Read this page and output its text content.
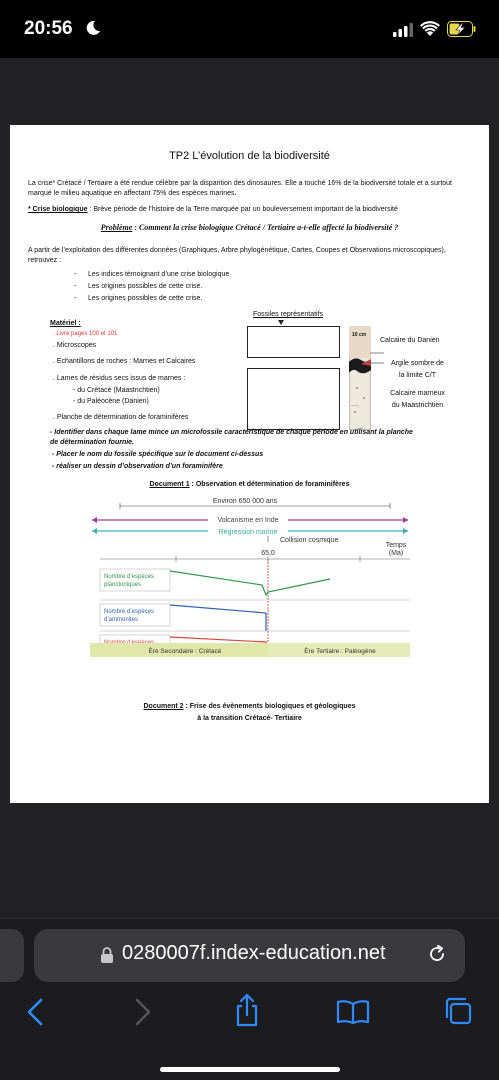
20:56
TP2 L’évolution de la biodiversité
La crise* Crétacé / Tertiaire a été rendue célèbre par la disparition des dinosaures. Elle a touché 16% de la biodiversité totale et a surtout marqué le milieu aquatique en affectant 75% des espèces marines.
* Crise biologique : Brève période de l’histoire de la Terre marquée par un bouleversement important de la biodiversité
Problème : Comment la crise biologique Crétacé / Tertiaire a-t-elle affecté la biodiversité ?
A partir de l’exploitation des différentes données (Graphiques, Arbre phylogénétique, Cartes, Coupes et Observations microscopiques), retrouvez :
- Les indices témoignant d’une crise biologique
- Les origines possibles de cette crise.
- Les origines possibles de cette crise.
Matériel :
. Livre pages 100 et 101
. Microscopes
. Echantillons de roches : Marnes et Calcaires
. Lames de résidus secs issus de marnes :
- du Crétacé (Maastrichtien)
- du Paléocène (Danien)
. Planche de détermination de foraminifères
Fossiles représentatifs
10 cm
Calcaire du Danien
Argile sombre de
la limite C/T
Calcaire marneux
du Maastrichtien
- Identifier dans chaque lame mince un microfossile caractéristique de chaque période en utilisant la planche
de détermination fournie.
- Placer le nom du fossile spécifique sur le document ci-dessus
- réaliser un dessin d’observation d’un foraminifère
Document 1 : Observation et détermination de foraminifères
Environ 650 000 ans
Volcanisme en Inde
Régression marine
Collision cosmique
Temps
(Ma)
65,0
Nombre d’espèces
planctoniques
Nombre d’espèces
d’ammonites
Ère Secondaire : Crétacé	Ère Tertiaire : Paléogène
Document 2 : Frise des évènements biologiques et géologiques
à la transition Crétacé- Tertiaire
0280007f.index-education.net
